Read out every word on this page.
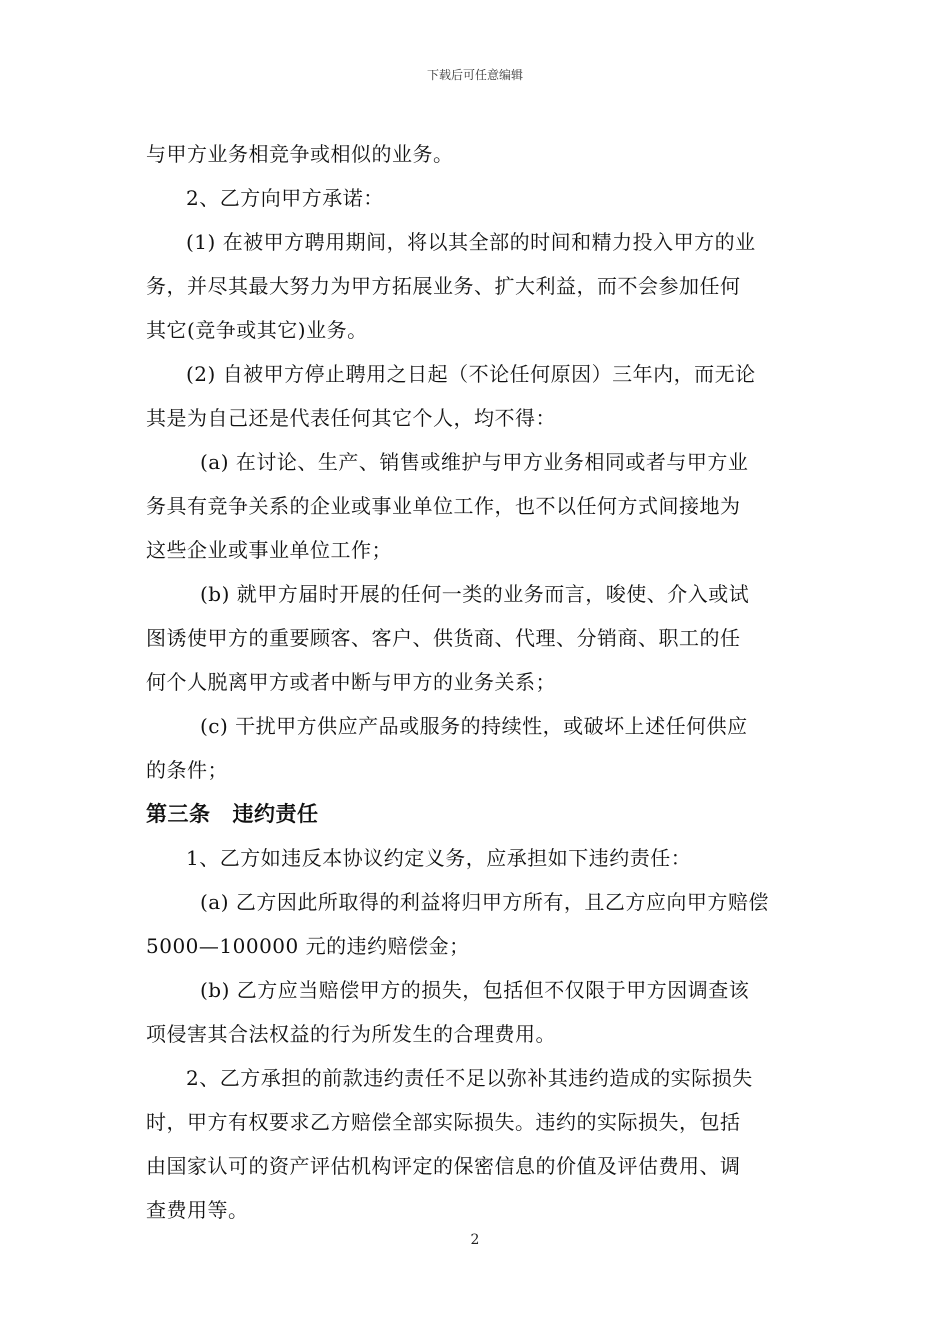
下载后可任意编辑
与甲方业务相竞争或相似的业务。
2、乙方向甲方承诺：
(1) 在被甲方聘用期间，将以其全部的时间和精力投入甲方的业
务，并尽其最大努力为甲方拓展业务、扩大利益，而不会参加任何
其它(竞争或其它)业务。
(2) 自被甲方停止聘用之日起（不论任何原因）三年内，而无论
其是为自己还是代表任何其它个人，均不得：
(a) 在讨论、生产、销售或维护与甲方业务相同或者与甲方业
务具有竞争关系的企业或事业单位工作，也不以任何方式间接地为
这些企业或事业单位工作；
(b) 就甲方届时开展的任何一类的业务而言，唆使、介入或试
图诱使甲方的重要顾客、客户、供货商、代理、分销商、职工的任
何个人脱离甲方或者中断与甲方的业务关系；
(c) 干扰甲方供应产品或服务的持续性，或破坏上述任何供应
的条件；
第三条 违约责任
1、乙方如违反本协议约定义务，应承担如下违约责任：
(a) 乙方因此所取得的利益将归甲方所有，且乙方应向甲方赔偿
5000—100000 元的违约赔偿金；
(b) 乙方应当赔偿甲方的损失，包括但不仅限于甲方因调查该
项侵害其合法权益的行为所发生的合理费用。
2、乙方承担的前款违约责任不足以弥补其违约造成的实际损失
时，甲方有权要求乙方赔偿全部实际损失。违约的实际损失，包括
由国家认可的资产评估机构评定的保密信息的价值及评估费用、调
查费用等。
2
